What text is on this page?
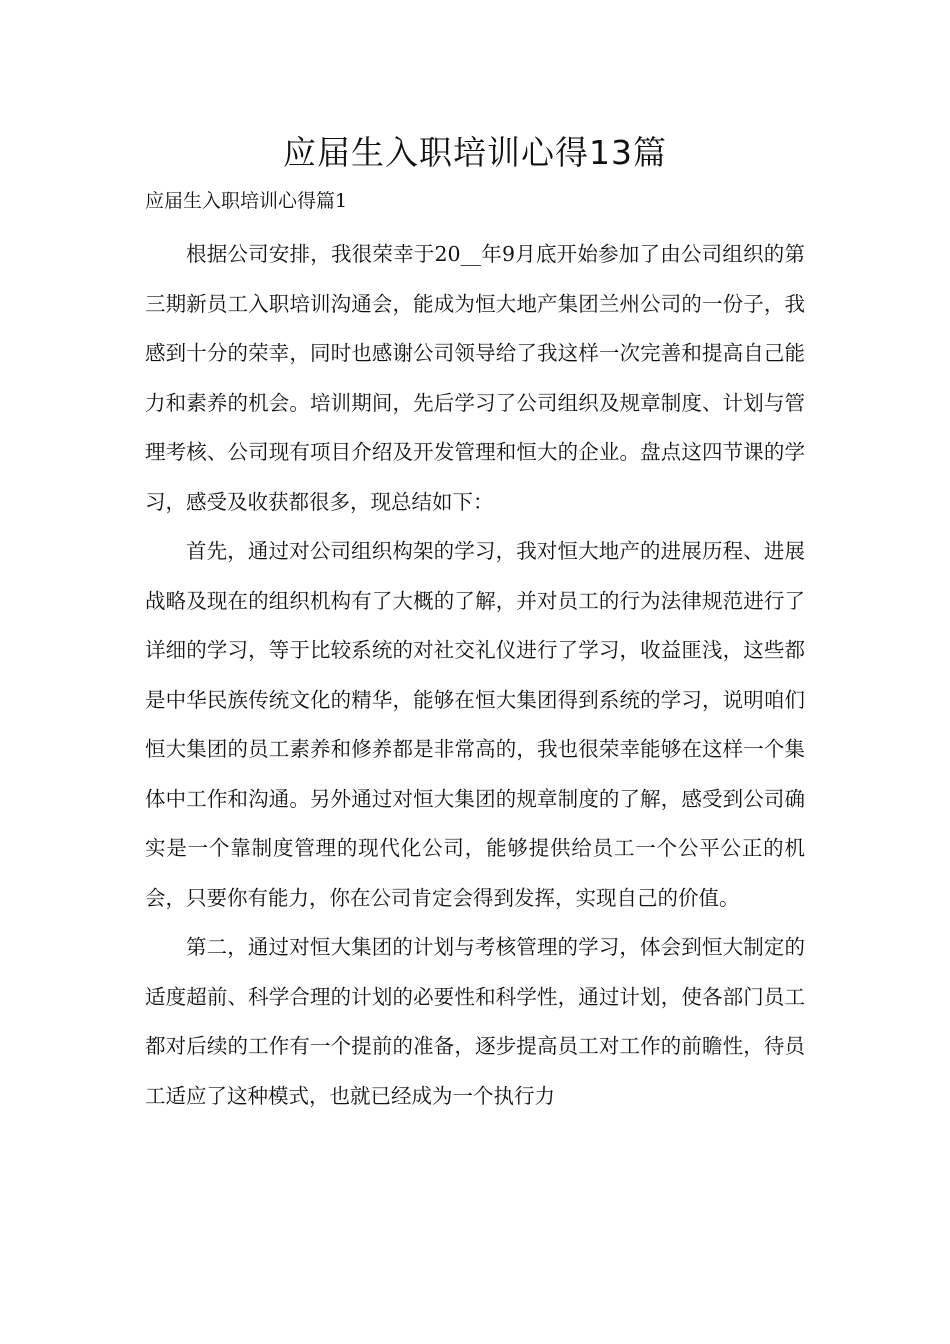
应届生入职培训心得13篇

应届生入职培训心得篇1

根据公司安排，我很荣幸于20__年9月底开始参加了由公司组织的第三期新员工入职培训沟通会，能成为恒大地产集团兰州公司的一份子，我感到十分的荣幸，同时也感谢公司领导给了我这样一次完善和提高自己能力和素养的机会。培训期间，先后学习了公司组织及规章制度、计划与管理考核、公司现有项目介绍及开发管理和恒大的企业。盘点这四节课的学习，感受及收获都很多，现总结如下：

首先，通过对公司组织构架的学习，我对恒大地产的进展历程、进展战略及现在的组织机构有了大概的了解，并对员工的行为法律规范进行了详细的学习，等于比较系统的对社交礼仪进行了学习，收益匪浅，这些都是中华民族传统文化的精华，能够在恒大集团得到系统的学习，说明咱们恒大集团的员工素养和修养都是非常高的，我也很荣幸能够在这样一个集体中工作和沟通。另外通过对恒大集团的规章制度的了解，感受到公司确实是一个靠制度管理的现代化公司，能够提供给员工一个公平公正的机会，只要你有能力，你在公司肯定会得到发挥，实现自己的价值。

第二，通过对恒大集团的计划与考核管理的学习，体会到恒大制定的适度超前、科学合理的计划的必要性和科学性，通过计划，使各部门员工都对后续的工作有一个提前的准备，逐步提高员工对工作的前瞻性，待员工适应了这种模式，也就已经成为一个执行力
